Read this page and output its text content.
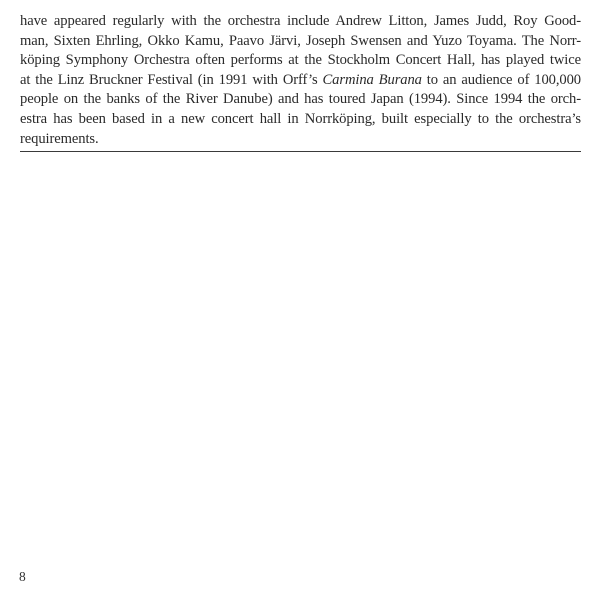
have appeared regularly with the orchestra include Andrew Litton, James Judd, Roy Good-
man, Sixten Ehrling, Okko Kamu, Paavo Järvi, Joseph Swensen and Yuzo Toyama. The Norr-
köping Symphony Orchestra often performs at the Stockholm Concert Hall, has played twice
at the Linz Bruckner Festival (in 1991 with Orff’s Carmina Burana to an audience of 100,000
people on the banks of the River Danube) and has toured Japan (1994). Since 1994 the orch-
estra has been based in a new concert hall in Norrköping, built especially to the orchestra’s
requirements.

8
